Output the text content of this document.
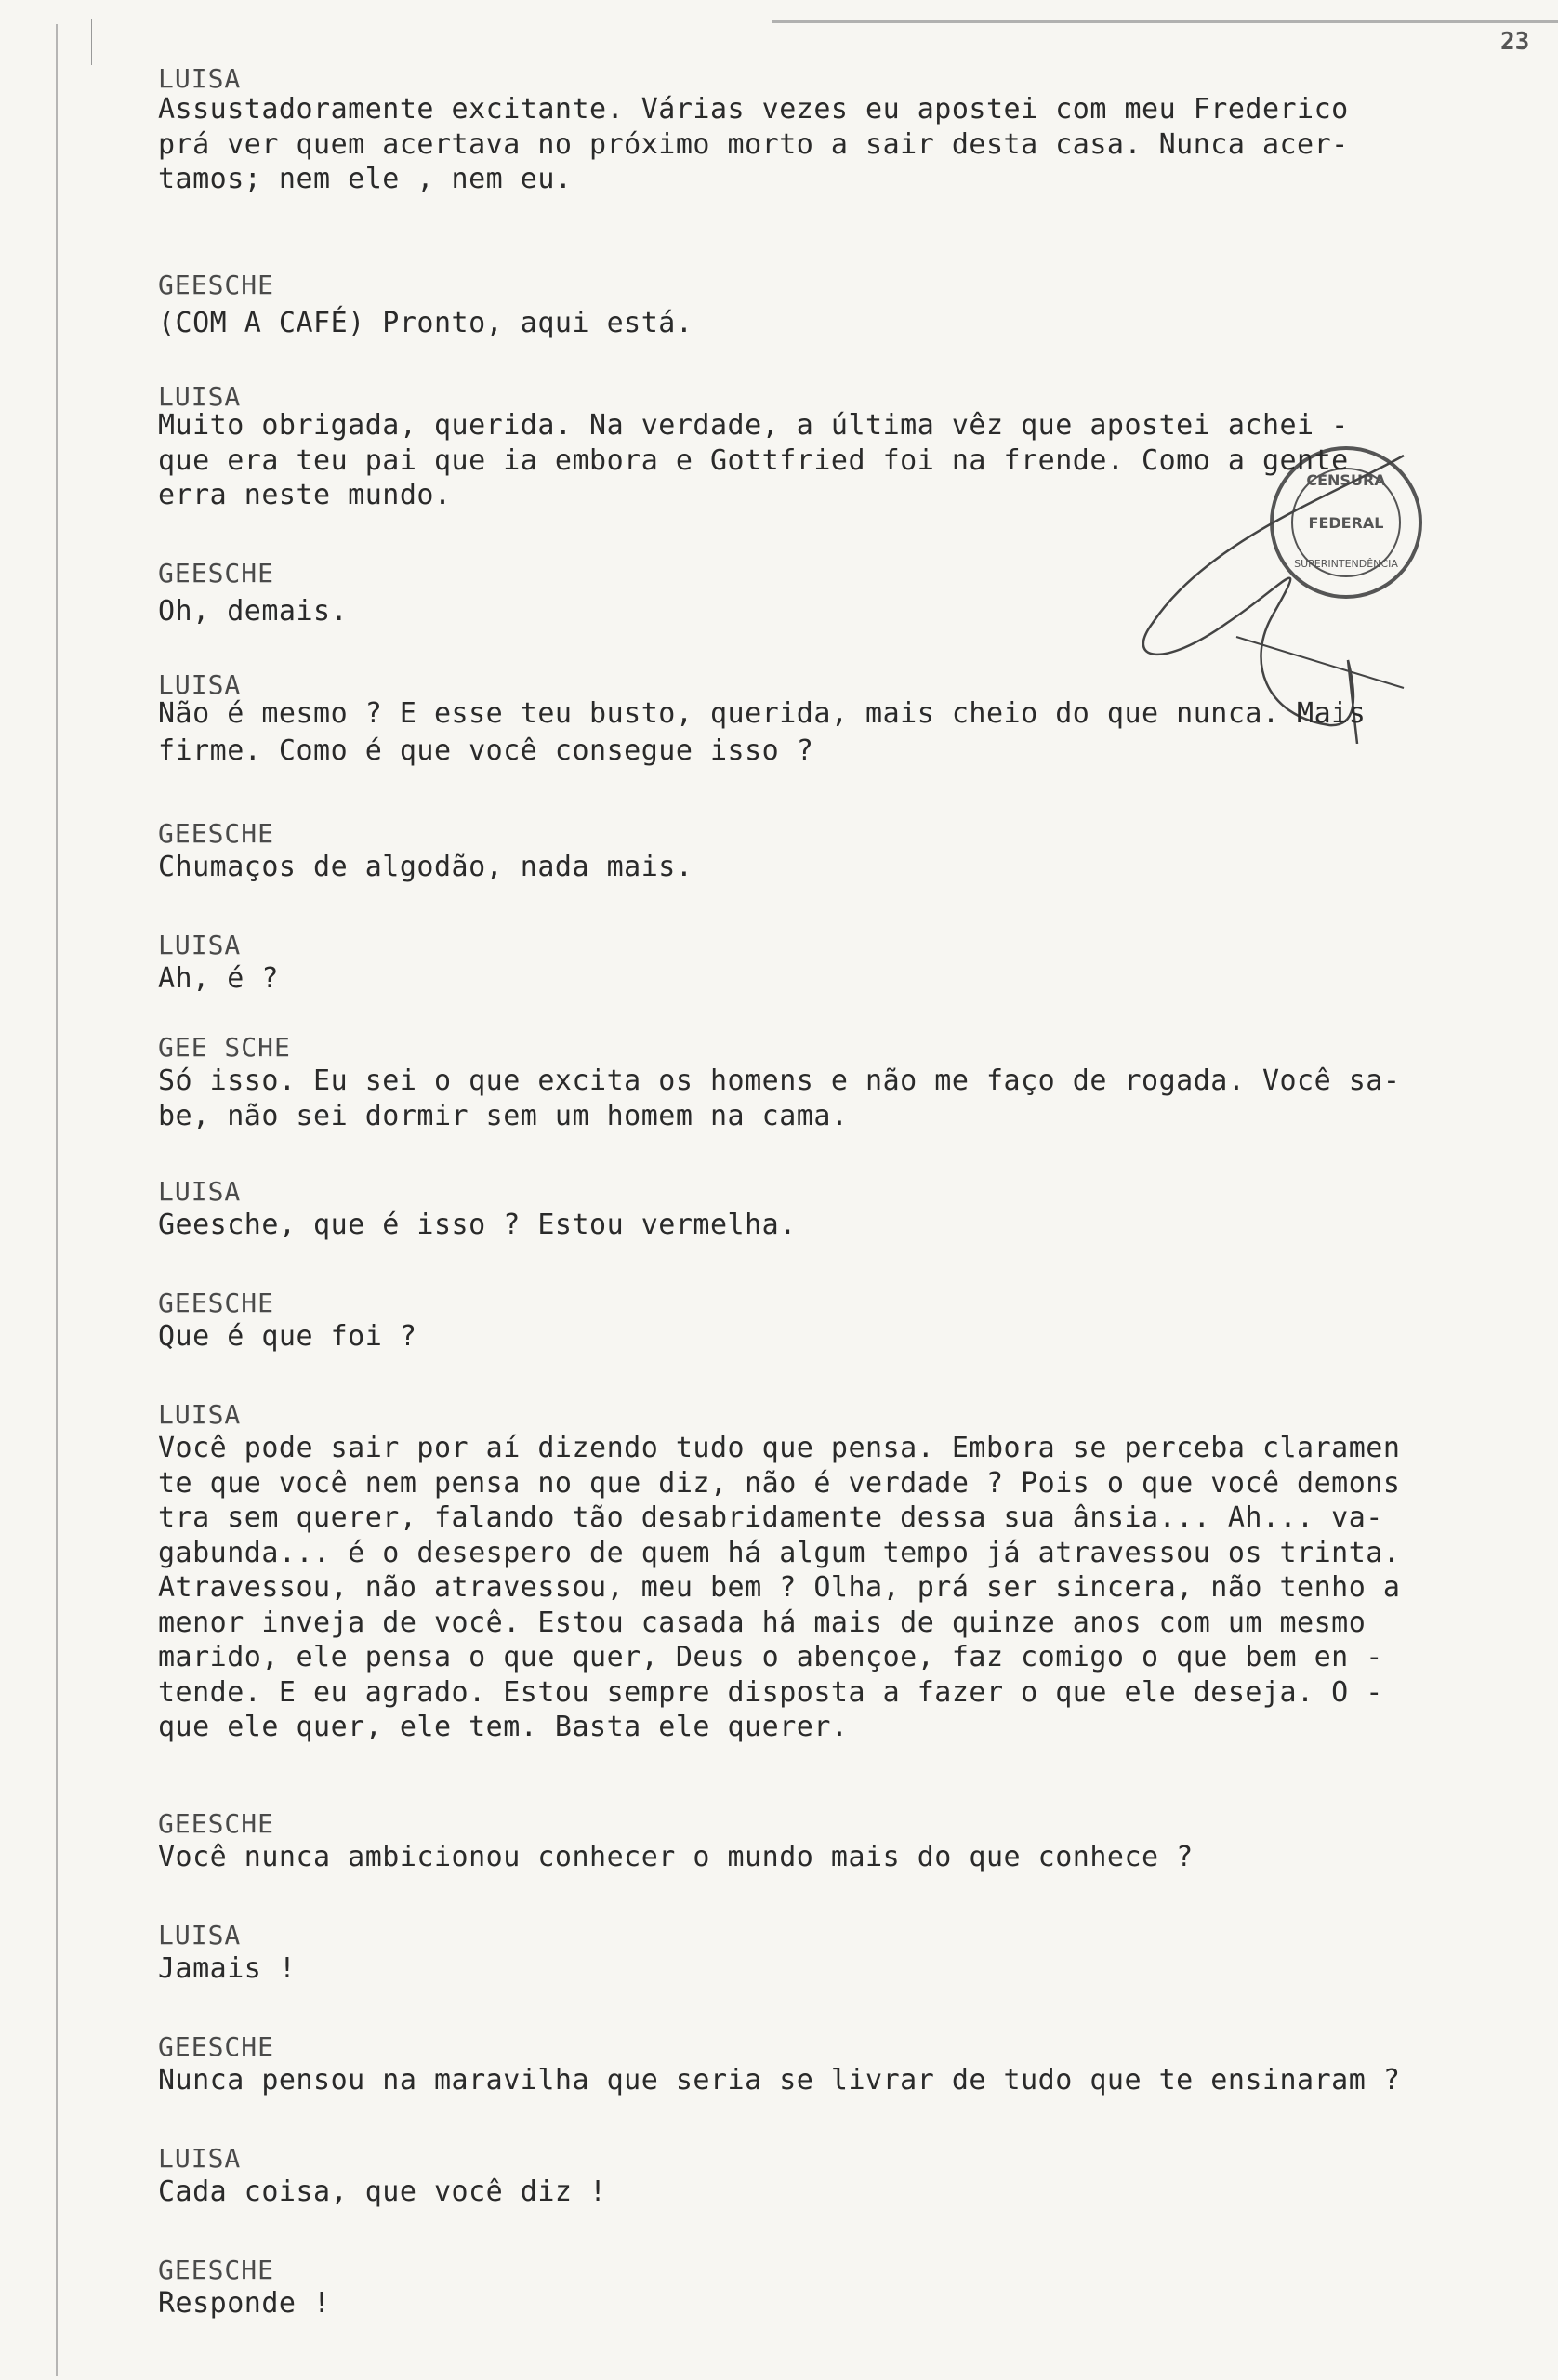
23
CENSURA
FEDERAL
SUPERINTENDÊNCIA
LUISA
Assustadoramente excitante. Várias vezes eu apostei com meu Frederico
prá ver quem acertava no próximo morto a sair desta casa. Nunca acer-
tamos; nem ele , nem eu.
GEESCHE
(COM A CAFÉ) Pronto, aqui está.
LUISA
Muito obrigada, querida. Na verdade, a última vêz que apostei achei -
que era teu pai que ia embora e Gottfried foi na frende. Como a gente
erra neste mundo.
GEESCHE
Oh, demais.
LUISA
Não é mesmo ? E esse teu busto, querida, mais cheio do que nunca. Mais
firme. Como é que você consegue isso ?
GEESCHE
Chumaços de algodão, nada mais.
LUISA
Ah, é ?
GEE SCHE
Só isso. Eu sei o que excita os homens e não me faço de rogada. Você sa-
be, não sei dormir sem um homem na cama.
LUISA
Geesche, que é isso ? Estou vermelha.
GEESCHE
Que é que foi ?
LUISA
Você pode sair por aí dizendo tudo que pensa. Embora se perceba claramen
te que você nem pensa no que diz, não é verdade ? Pois o que você demons
tra sem querer, falando tão desabridamente dessa sua ânsia... Ah... va-
gabunda... é o desespero de quem há algum tempo já atravessou os trinta.
Atravessou, não atravessou, meu bem ? Olha, prá ser sincera, não tenho a
menor inveja de você. Estou casada há mais de quinze anos com um mesmo
marido, ele pensa o que quer, Deus o abençoe, faz comigo o que bem en -
tende. E eu agrado. Estou sempre disposta a fazer o que ele deseja. O -
que ele quer, ele tem. Basta ele querer.
GEESCHE
Você nunca ambicionou conhecer o mundo mais do que conhece ?
LUISA
Jamais !
GEESCHE
Nunca pensou na maravilha que seria se livrar de tudo que te ensinaram ?
LUISA
Cada coisa, que você diz !
GEESCHE
Responde !
